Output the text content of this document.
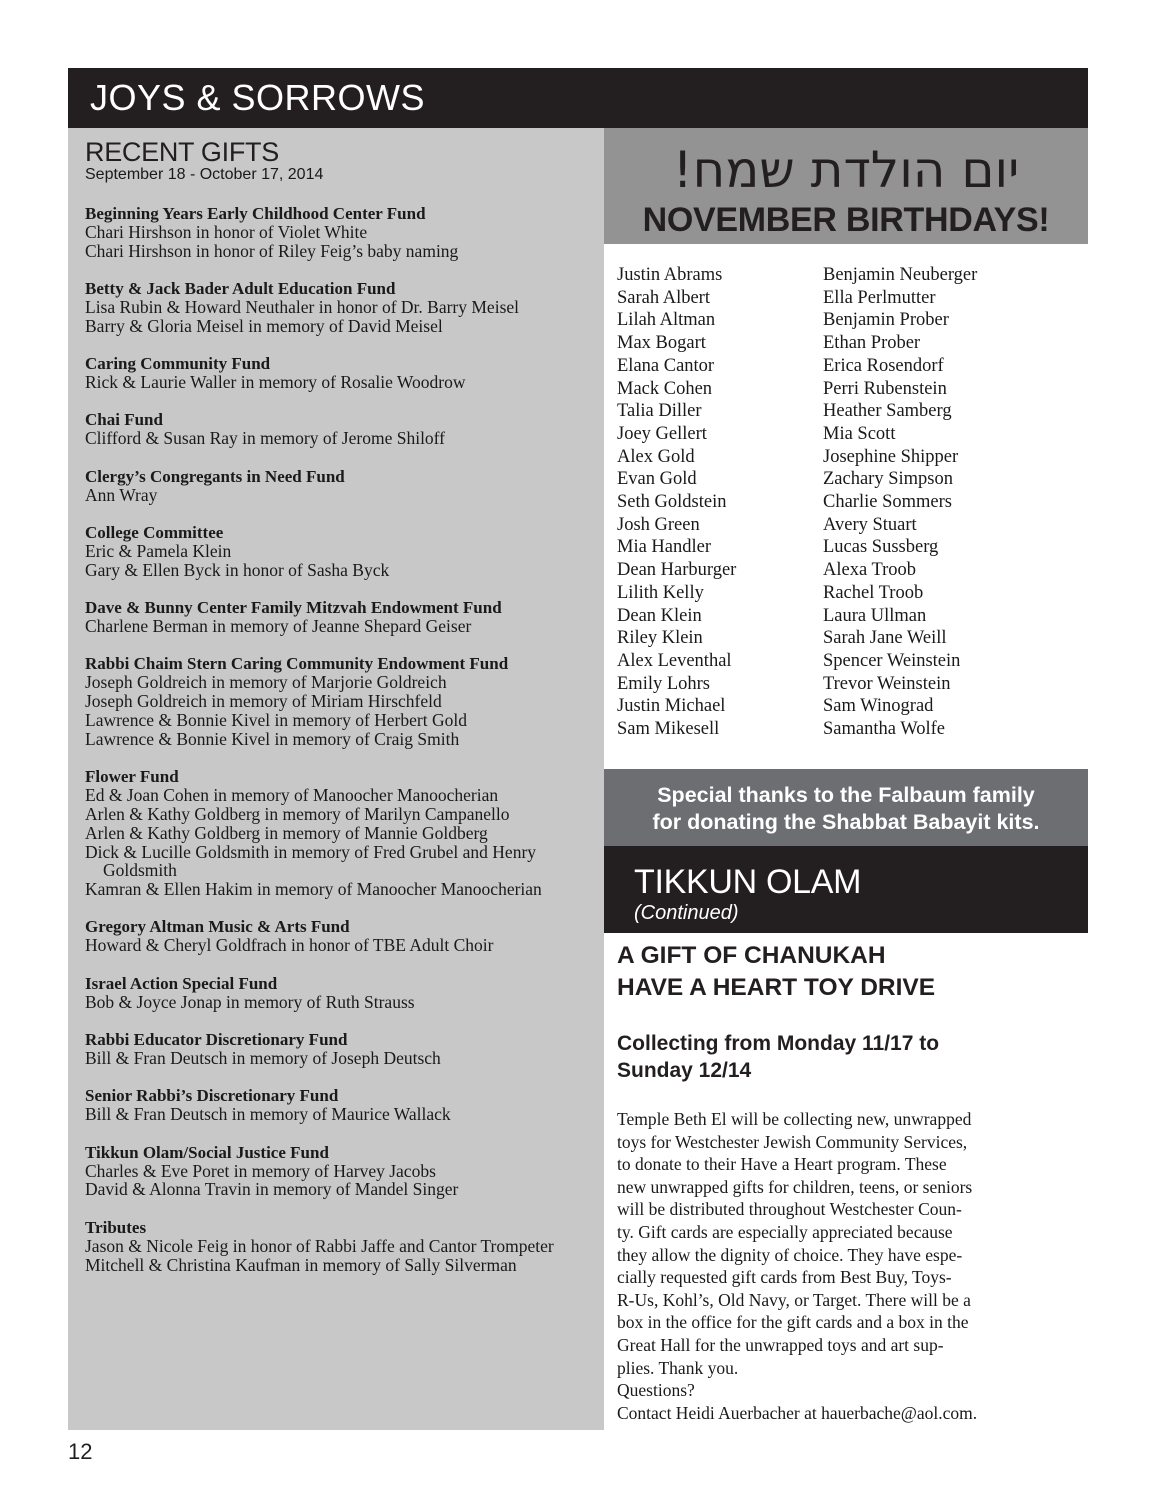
JOYS & SORROWS
RECENT GIFTS
September 18 - October 17, 2014
Beginning Years Early Childhood Center Fund
Chari Hirshson in honor of Violet White
Chari Hirshson in honor of Riley Feig’s baby naming
Betty & Jack Bader Adult Education Fund
Lisa Rubin & Howard Neuthaler in honor of Dr. Barry Meisel
Barry & Gloria Meisel in memory of David Meisel
Caring Community Fund
Rick & Laurie Waller in memory of Rosalie Woodrow
Chai Fund
Clifford & Susan Ray in memory of Jerome Shiloff
Clergy’s Congregants in Need Fund
Ann Wray
College Committee
Eric & Pamela Klein
Gary & Ellen Byck in honor of Sasha Byck
Dave & Bunny Center Family Mitzvah Endowment Fund
Charlene Berman in memory of Jeanne Shepard Geiser
Rabbi Chaim Stern Caring Community Endowment Fund
Joseph Goldreich in memory of Marjorie Goldreich
Joseph Goldreich in memory of Miriam Hirschfeld
Lawrence & Bonnie Kivel in memory of Herbert Gold
Lawrence & Bonnie Kivel in memory of Craig Smith
Flower Fund
Ed & Joan Cohen in memory of Manoocher Manoocherian
Arlen & Kathy Goldberg in memory of Marilyn Campanello
Arlen & Kathy Goldberg in memory of Mannie Goldberg
Dick & Lucille Goldsmith in memory of Fred Grubel and Henry Goldsmith
Kamran & Ellen Hakim in memory of Manoocher Manoocherian
Gregory Altman Music & Arts Fund
Howard & Cheryl Goldfrach in honor of TBE Adult Choir
Israel Action Special Fund
Bob & Joyce Jonap in memory of Ruth Strauss
Rabbi Educator Discretionary Fund
Bill & Fran Deutsch in memory of Joseph Deutsch
Senior Rabbi’s Discretionary Fund
Bill & Fran Deutsch in memory of Maurice Wallack
Tikkun Olam/Social Justice Fund
Charles & Eve Poret in memory of Harvey Jacobs
David & Alonna Travin in memory of Mandel Singer
Tributes
Jason & Nicole Feig in honor of Rabbi Jaffe and Cantor Trompeter
Mitchell & Christina Kaufman in memory of Sally Silverman
יום הולדת שמח!
NOVEMBER BIRTHDAYS!
Justin Abrams
Sarah Albert
Lilah Altman
Max Bogart
Elana Cantor
Mack Cohen
Talia Diller
Joey Gellert
Alex Gold
Evan Gold
Seth Goldstein
Josh Green
Mia Handler
Dean Harburger
Lilith Kelly
Dean Klein
Riley Klein
Alex Leventhal
Emily Lohrs
Justin Michael
Sam Mikesell
Benjamin Neuberger
Ella Perlmutter
Benjamin Prober
Ethan Prober
Erica Rosendorf
Perri Rubenstein
Heather Samberg
Mia Scott
Josephine Shipper
Zachary Simpson
Charlie Sommers
Avery Stuart
Lucas Sussberg
Alexa Troob
Rachel Troob
Laura Ullman
Sarah Jane Weill
Spencer Weinstein
Trevor Weinstein
Sam Winograd
Samantha Wolfe
Special thanks to the Falbaum family
for donating the Shabbat Babayit kits.
TIKKUN OLAM
(Continued)
A GIFT OF CHANUKAH
HAVE A HEART TOY DRIVE
Collecting from Monday 11/17 to
Sunday 12/14
Temple Beth El will be collecting new, unwrapped
toys for Westchester Jewish Community Services,
to donate to their Have a Heart program. These
new unwrapped gifts for children, teens, or seniors
will be distributed throughout Westchester Coun-
ty. Gift cards are especially appreciated because
they allow the dignity of choice. They have espe-
cially requested gift cards from Best Buy, Toys-
R-Us, Kohl’s, Old Navy, or Target. There will be a
box in the office for the gift cards and a box in the
Great Hall for the unwrapped toys and art sup-
plies. Thank you.
Questions?
Contact Heidi Auerbacher at hauerbache@aol.com.
12
